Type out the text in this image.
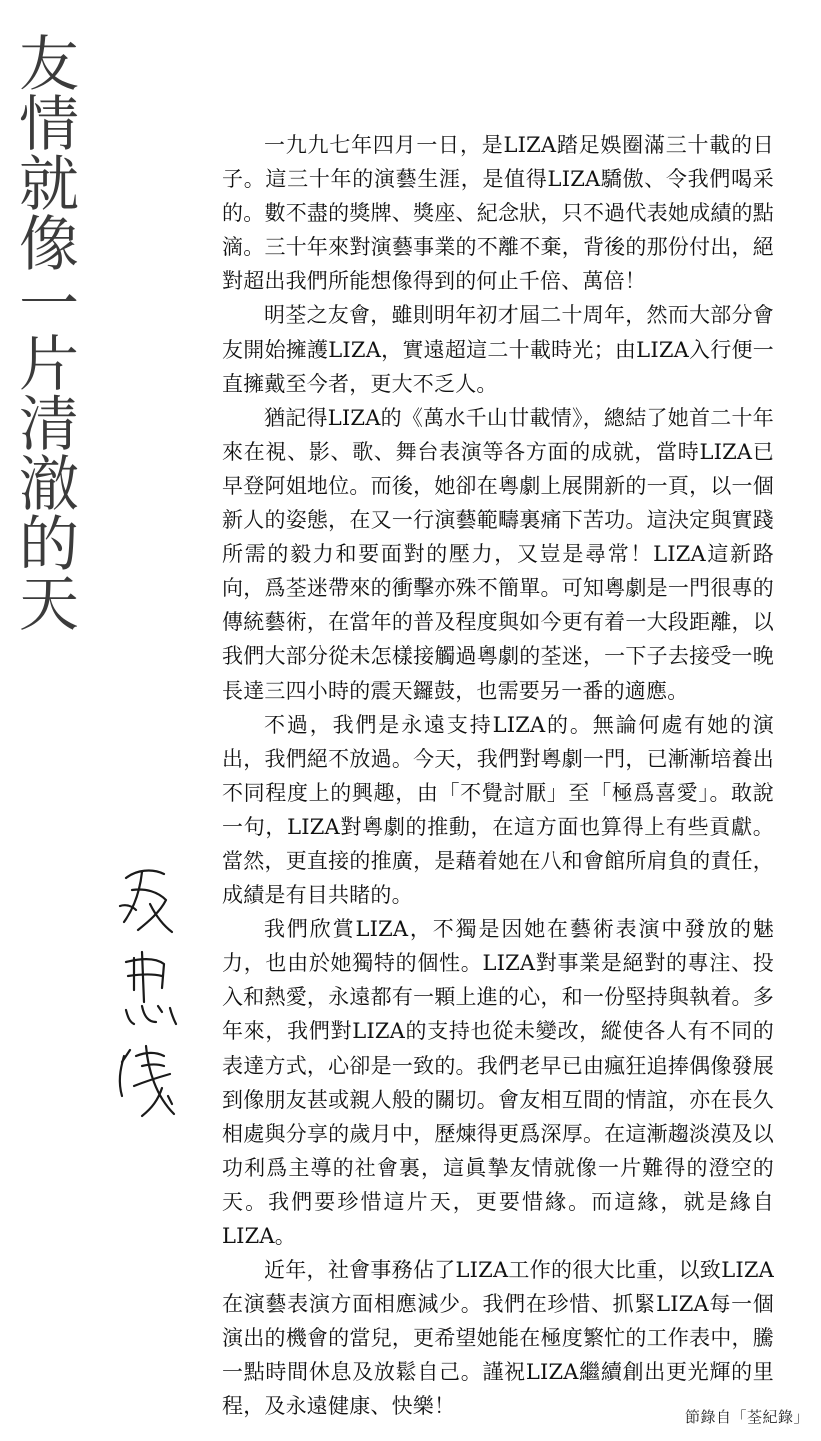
友情就像一片清澈的天	一九九七年四月一日，是LIZA踏足娛圈滿三十載的日子。這三十年的演藝生涯，是值得LIZA驕傲、令我們喝采的。數不盡的獎牌、獎座、紀念狀，只不過代表她成績的點滴。三十年來對演藝事業的不離不棄，背後的那份付出，絕對超出我們所能想像得到的何止千倍、萬倍！

明荃之友會，雖則明年初才屆二十周年，然而大部分會友開始擁護LIZA，實遠超這二十載時光；由LIZA入行便一直擁戴至今者，更大不乏人。

猶記得LIZA的《萬水千山廿載情》，總結了她首二十年來在視、影、歌、舞台表演等各方面的成就，當時LIZA已早登阿姐地位。而後，她卻在粵劇上展開新的一頁，以一個新人的姿態，在又一行演藝範疇裏痛下苦功。這決定與實踐所需的毅力和要面對的壓力，又豈是尋常！LIZA這新路向，爲荃迷帶來的衝擊亦殊不簡單。可知粵劇是一門很專的傳統藝術，在當年的普及程度與如今更有着一大段距離，以我們大部分從未怎樣接觸過粵劇的荃迷，一下子去接受一晚長達三四小時的震天鑼鼓，也需要另一番的適應。

不過，我們是永遠支持LIZA的。無論何處有她的演出，我們絕不放過。今天，我們對粵劇一門，已漸漸培養出不同程度上的興趣，由「不覺討厭」至「極爲喜愛」。敢說一句，LIZA對粵劇的推動，在這方面也算得上有些貢獻。當然，更直接的推廣，是藉着她在八和會館所肩負的責任，成績是有目共睹的。

我們欣賞LIZA，不獨是因她在藝術表演中發放的魅力，也由於她獨特的個性。LIZA對事業是絕對的專注、投入和熱愛，永遠都有一顆上進的心，和一份堅持與執着。多年來，我們對LIZA的支持也從未變改，縱使各人有不同的表達方式，心卻是一致的。我們老早已由瘋狂追捧偶像發展到像朋友甚或親人般的關切。會友相互間的情誼，亦在長久相處與分享的歲月中，歷煉得更爲深厚。在這漸趨淡漠及以功利爲主導的社會裏，這眞摯友情就像一片難得的澄空的天。我們要珍惜這片天，更要惜緣。而這緣，就是緣自LIZA。

近年，社會事務佔了LIZA工作的很大比重，以致LIZA在演藝表演方面相應減少。我們在珍惜、抓緊LIZA每一個演出的機會的當兒，更希望她能在極度繁忙的工作表中，騰一點時間休息及放鬆自己。謹祝LIZA繼續創出更光輝的里程，及永遠健康、快樂！	節錄自「荃紀錄」
